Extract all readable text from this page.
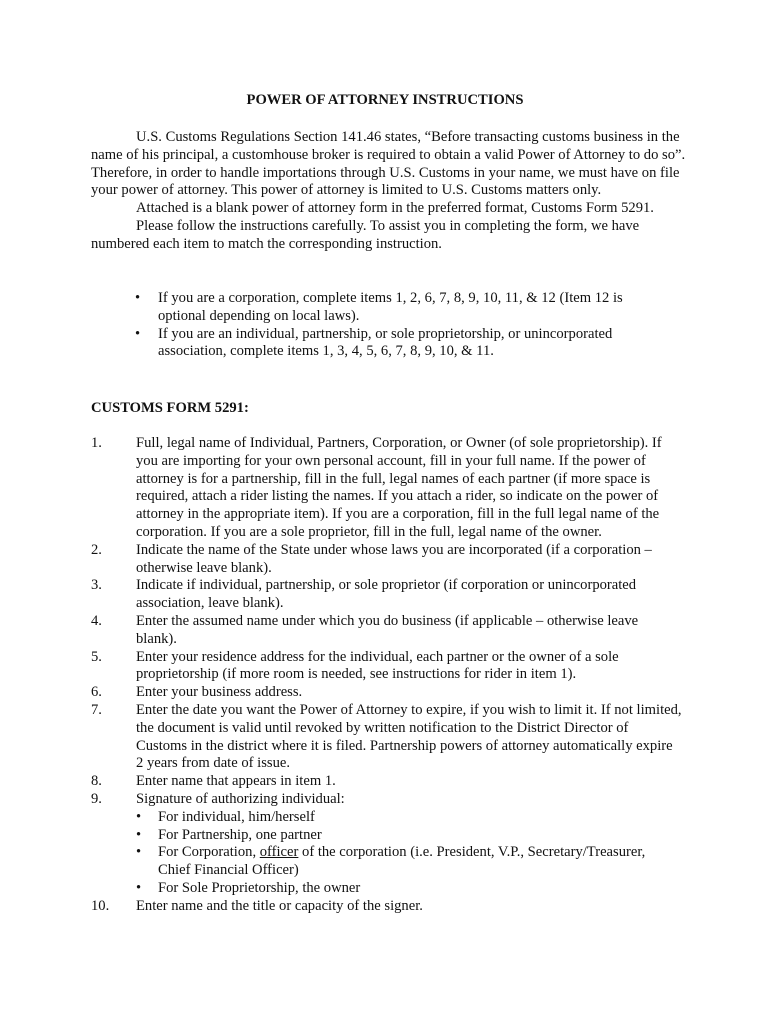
POWER OF ATTORNEY INSTRUCTIONS

U.S. Customs Regulations Section 141.46 states, “Before transacting customs business in the name of his principal, a customhouse broker is required to obtain a valid Power of Attorney to do so”. Therefore, in order to handle importations through U.S. Customs in your name, we must have on file your power of attorney. This power of attorney is limited to U.S. Customs matters only.

Attached is a blank power of attorney form in the preferred format, Customs Form 5291.

Please follow the instructions carefully. To assist you in completing the form, we have numbered each item to match the corresponding instruction.

• If you are a corporation, complete items 1, 2, 6, 7, 8, 9, 10, 11, & 12 (Item 12 is optional depending on local laws).
• If you are an individual, partnership, or sole proprietorship, or unincorporated association, complete items 1, 3, 4, 5, 6, 7, 8, 9, 10, & 11.
CUSTOMS FORM 5291:
1. Full, legal name of Individual, Partners, Corporation, or Owner (of sole proprietorship). If you are importing for your own personal account, fill in your full name. If the power of attorney is for a partnership, fill in the full, legal names of each partner (if more space is required, attach a rider listing the names. If you attach a rider, so indicate on the power of attorney in the appropriate item). If you are a corporation, fill in the full legal name of the corporation. If you are a sole proprietor, fill in the full, legal name of the owner.
2. Indicate the name of the State under whose laws you are incorporated (if a corporation – otherwise leave blank).
3. Indicate if individual, partnership, or sole proprietor (if corporation or unincorporated association, leave blank).
4. Enter the assumed name under which you do business (if applicable – otherwise leave blank).
5. Enter your residence address for the individual, each partner or the owner of a sole proprietorship (if more room is needed, see instructions for rider in item 1).
6. Enter your business address.
7. Enter the date you want the Power of Attorney to expire, if you wish to limit it. If not limited, the document is valid until revoked by written notification to the District Director of Customs in the district where it is filed. Partnership powers of attorney automatically expire 2 years from date of issue.
8. Enter name that appears in item 1.
9. Signature of authorizing individual:
• For individual, him/herself
• For Partnership, one partner
• For Corporation, officer of the corporation (i.e. President, V.P., Secretary/Treasurer, Chief Financial Officer)
• For Sole Proprietorship, the owner
10. Enter name and the title or capacity of the signer.
